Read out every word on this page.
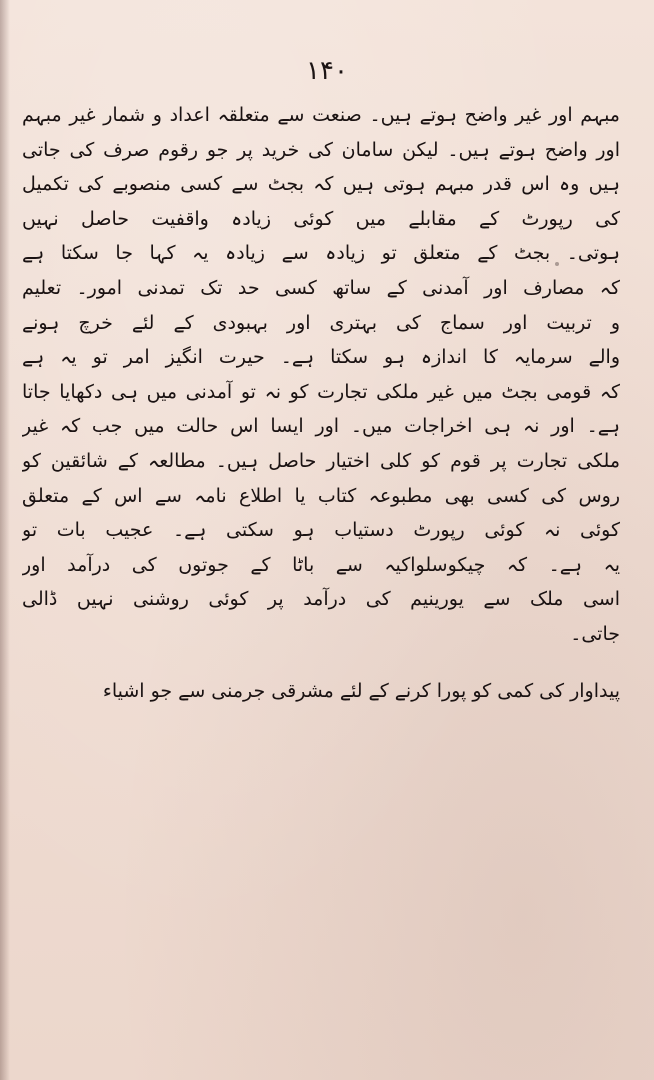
۱۴۰
مبہم اور غیر واضح ہوتے ہیں۔ صنعت سے متعلقہ اعداد و شمار غیر مبہم
اور واضح ہوتے ہیں۔ لیکن سامان کی خرید پر جو رقوم صرف کی جاتی
ہیں وہ اس قدر مبہم ہوتی ہیں کہ بجٹ سے کسی منصوبے کی تکمیل
کی رپورٹ کے مقابلے میں کوئی زیادہ واقفیت حاصل نہیں
ہوتی۔ بجٹ کے متعلق تو زیادہ سے زیادہ یہ کہا جا سکتا ہے
کہ مصارف اور آمدنی کے ساتھ کسی حد تک تمدنی امور۔ تعلیم
و تربیت اور سماج کی بہتری اور بہبودی کے لئے خرچ ہونے
والے سرمایہ کا اندازہ ہو سکتا ہے۔ حیرت انگیز امر تو یہ ہے
کہ قومی بجٹ میں غیر ملکی تجارت کو نہ تو آمدنی میں ہی دکھایا جاتا
ہے۔ اور نہ ہی اخراجات میں۔ اور ایسا اس حالت میں جب کہ غیر
ملکی تجارت پر قوم کو کلی اختیار حاصل ہیں۔ مطالعہ کے شائقین کو
روس کی کسی بھی مطبوعہ کتاب یا اطلاع نامہ سے اس کے متعلق
کوئی نہ کوئی رپورٹ دستیاب ہو سکتی ہے۔ عجیب بات تو
یہ ہے۔ کہ چیکوسلواکیہ سے باٹا کے جوتوں کی درآمد اور
اسی ملک سے یورینیم کی درآمد پر کوئی روشنی نہیں ڈالی
جاتی۔
پیداوار کی کمی کو پورا کرنے کے لئے مشرقی جرمنی سے جو اشیاء
